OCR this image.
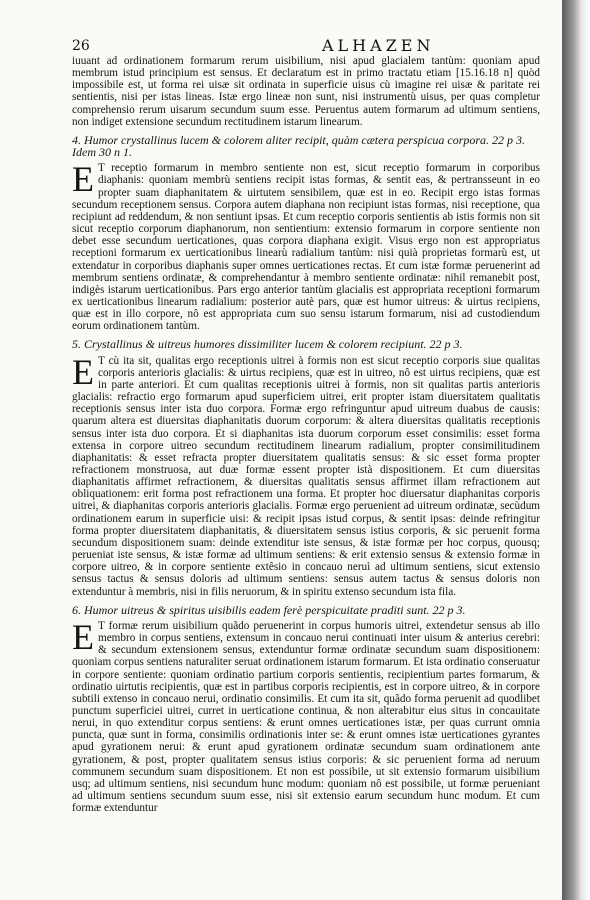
26	ALHAZEN

iuuant ad ordinationem formarum rerum uisibilium, nisi apud glacialem tantùm: quoniam apud membrum istud principium est sensus. Et declaratum est in primo tractatu etiam [15.16.18 n] quòd impossibile est, ut forma rei uisæ sit ordinata in superficie uisus cù imagine rei uisæ & paritate rei sentientis, nisi per istas lineas. Istæ ergo lineæ non sunt, nisi instrumentù uisus, per quas completur comprehensio rerum uisarum secundum suum esse. Peruentus autem formarum ad ultimum sentiens, non indiget extensione secundum rectitudinem istarum linearum.

4. Humor crystallinus lucem & colorem aliter recipit, quàm cætera perspicua corpora. 22 p 3. Idem 30 n 1.

E T receptio formarum in membro sentiente non est, sicut receptio formarum in corporibus diaphanis: quoniam membrù sentiens recipit istas formas, & sentit eas, & pertransseunt in eo propter suam diaphanitatem & uirtutem sensibilem, quæ est in eo. Recipit ergo istas formas secundum receptionem sensus. Corpora autem diaphana non recipiunt istas formas, nisi receptione, qua recipiunt ad reddendum, & non sentiunt ipsas. Et cum receptio corporis sentientis ab istis formis non sit sicut receptio corporum diaphanorum, non sentientium: extensio formarum in corpore sentiente non debet esse secundum uerticationes, quas corpora diaphana exigit. Visus ergo non est appropriatus receptioni formarum ex uerticationibus linearù radialium tantùm: nisi quià proprietas formarù est, ut extendatur in corporibus diaphanis super omnes uerticationes rectas. Et cum istæ formæ peruenerint ad membrum sentiens ordinatæ, & comprehendantur à membro sentiente ordinatæ: nihil remanebit post, indigès istarum uerticationibus. Pars ergo anterior tantùm glacialis est appropriata receptioni formarum ex uerticationibus linearum radialium: posterior autè pars, quæ est humor uitreus: & uirtus recipiens, quæ est in illo corpore, nô est appropriata cum suo sensu istarum formarum, nisi ad custodiendum eorum ordinationem tantùm.

5. Crystallinus & uitreus humores dissimiliter lucem & colorem recipiunt. 22 p 3.

E T cù ita sit, qualitas ergo receptionis uitrei à formis non est sicut receptio corporis siue qualitas corporis anterioris glacialis: & uirtus recipiens, quæ est in uitreo, nô est uirtus recipiens, quæ est in parte anteriori. Et cum qualitas receptionis uitrei à formis, non sit qualitas partis anterioris glacialis: refractio ergo formarum apud superficiem uitrei, erit propter istam diuersitatem qualitatis receptionis sensus inter ista duo corpora. Formæ ergo refringuntur apud uitreum duabus de causis: quarum altera est diuersitas diaphanitatis duorum corporum: & altera diuersitas qualitatis receptionis sensus inter ista duo corpora. Et si diaphanitas ista duorum corporum esset consimilis: esset forma extensa in corpore uitreo secundum rectitudinem linearum radialium, propter consimilitudinem diaphanitatis: & esset refracta propter diuersitatem qualitatis sensus: & sic esset forma propter refractionem monstruosa, aut duæ formæ essent propter istà dispositionem. Et cum diuersitas diaphanitatis affirmet refractionem, & diuersitas qualitatis sensus affirmet illam refractionem aut obliquationem: erit forma post refractionem una forma. Et propter hoc diuersatur diaphanitas corporis uitrei, & diaphanitas corporis anterioris glacialis. Formæ ergo peruenient ad uitreum ordinatæ, secùdum ordinationem earum in superficie uisi: & recipit ipsas istud corpus, & sentit ipsas: deinde refringitur forma propter diuersitatem diaphanitatis, & diuersitatem sensus istius corporis, & sic peruenit forma secundum dispositionem suam: deinde extenditur iste sensus, & istæ formæ per hoc corpus, quousq; perueniat iste sensus, & istæ formæ ad ultimum sentiens: & erit extensio sensus & extensio formæ in corpore uitreo, & in corpore sentiente extêsio in concauo neruì ad ultimum sentiens, sicut extensio sensus tactus & sensus doloris ad ultimum sentiens: sensus autem tactus & sensus doloris non extenduntur à membris, nisi in filis neruorum, & in spiritu extenso secundum ista fila.

6. Humor uitreus & spiritus uisibilis eadem ferè perspicuitate praditi sunt. 22 p 3.

E T formæ rerum uisibilium quãdo peruenerint in corpus humoris uitrei, extendetur sensus ab illo membro in corpus sentiens, extensum in concauo nerui continuati inter uisum & anterius cerebri: & secundum extensionem sensus, extenduntur formæ ordinatæ secundum suam dispositionem: quoniam corpus sentiens naturaliter seruat ordinationem istarum formarum. Et ista ordinatio conseruatur in corpore sentiente: quoniam ordinatio partium corporis sentientis, recipientium partes formarum, & ordinatio uirtutis recipientis, quæ est in partibus corporis recipientis, est in corpore uitreo, & in corpore subtili extenso in concauo nerui, ordinatio consimilis. Et cum ita sit, quãdo forma peruenit ad quodlibet punctum superficiei uitrei, curret in uerticatione continua, & non alterabitur eius situs in concauitate nerui, in quo extenditur corpus sentiens: & erunt omnes uerticationes istæ, per quas currunt omnia puncta, quæ sunt in forma, consimilis ordinationis inter se: & erunt omnes istæ uerticationes gyrantes apud gyrationem nerui: & erunt apud gyrationem ordinatæ secundum suam ordinationem ante gyrationem, & post, propter qualitatem sensus istius corporis: & sic peruenient forma ad neruum communem secundum suam dispositionem. Et non est possibile, ut sit extensio formarum uisibilium usq; ad ultimum sentiens, nisi secundum hunc modum: quoniam nô est possibile, ut formæ perueniant ad ultimum sentiens secundum suum esse, nisi sit extensio earum secundum hunc modum. Et cum formæ extenduntur
